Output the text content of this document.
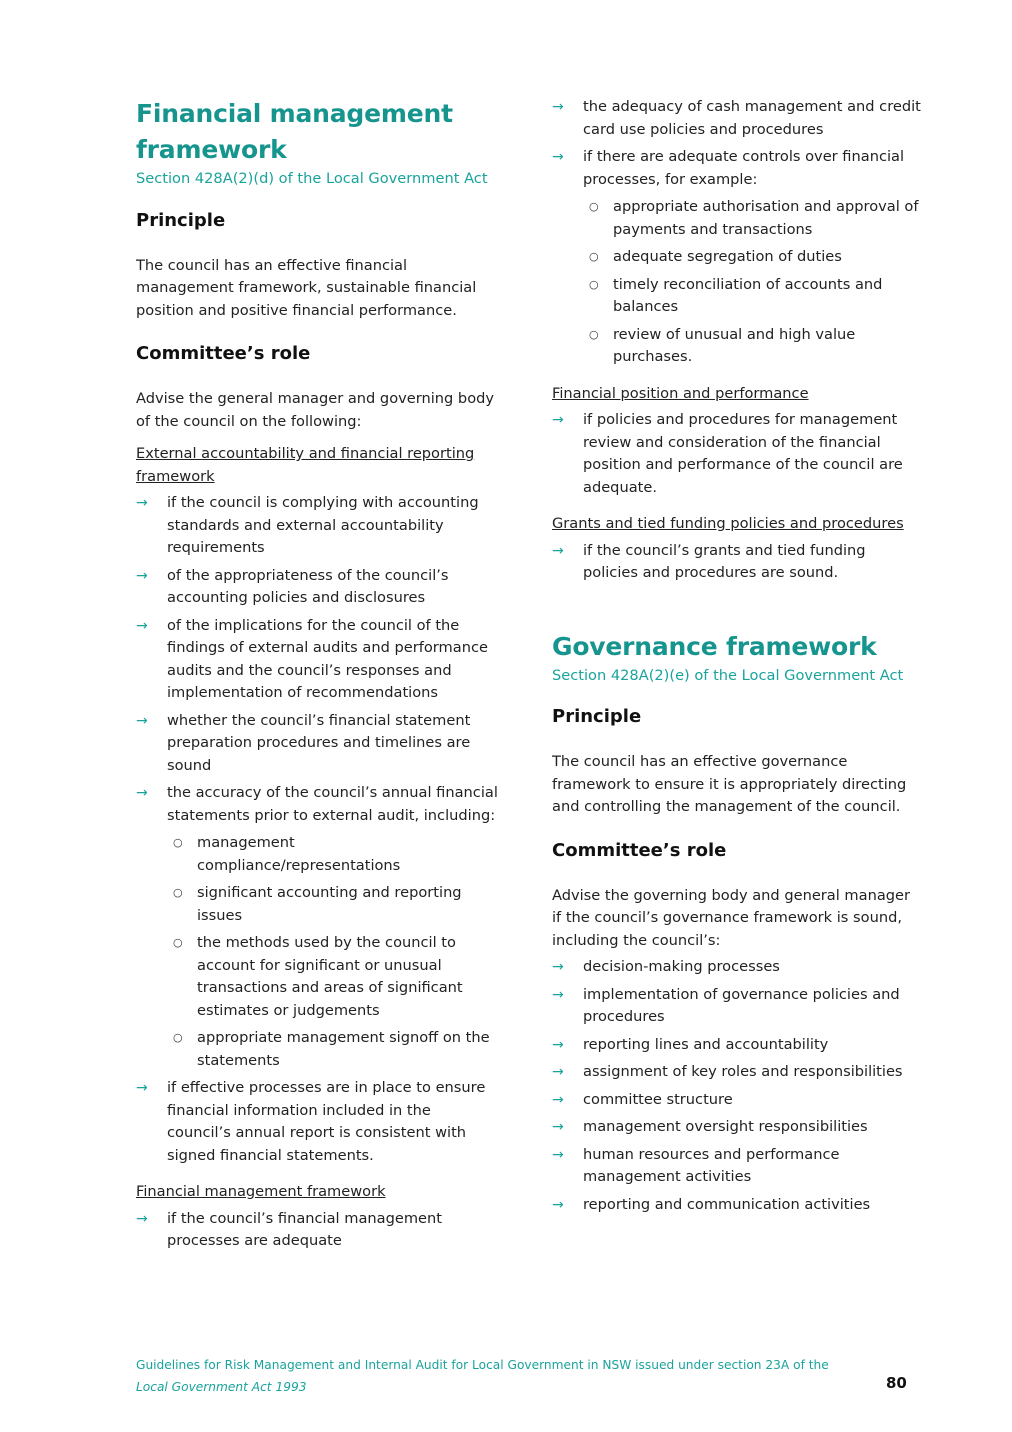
Financial management framework
Section 428A(2)(d) of the Local Government Act
Principle

The council has an effective financial management framework, sustainable financial position and positive financial performance.

Committee’s role

Advise the general manager and governing body of the council on the following:

External accountability and financial reporting framework
→ if the council is complying with accounting standards and external accountability requirements
→ of the appropriateness of the council’s accounting policies and disclosures
→ of the implications for the council of the findings of external audits and performance audits and the council’s responses and implementation of recommendations
→ whether the council’s financial statement preparation procedures and timelines are sound
→ the accuracy of the council’s annual financial statements prior to external audit, including:
○ management compliance/representations
○ significant accounting and reporting issues
○ the methods used by the council to account for significant or unusual transactions and areas of significant estimates or judgements
○ appropriate management signoff on the statements
→ if effective processes are in place to ensure financial information included in the council’s annual report is consistent with signed financial statements.
Financial management framework
→ if the council’s financial management processes are adequate
→ the adequacy of cash management and credit card use policies and procedures
→ if there are adequate controls over financial processes, for example:
○ appropriate authorisation and approval of payments and transactions
○ adequate segregation of duties
○ timely reconciliation of accounts and balances
○ review of unusual and high value purchases.
Financial position and performance
→ if policies and procedures for management review and consideration of the financial position and performance of the council are adequate.
Grants and tied funding policies and procedures
→ if the council’s grants and tied funding policies and procedures are sound.
Governance framework
Section 428A(2)(e) of the Local Government Act
Principle

The council has an effective governance framework to ensure it is appropriately directing and controlling the management of the council.

Committee’s role

Advise the governing body and general manager if the council’s governance framework is sound, including the council’s:

→ decision-making processes
→ implementation of governance policies and procedures
→ reporting lines and accountability
→ assignment of key roles and responsibilities
→ committee structure
→ management oversight responsibilities
→ human resources and performance management activities
→ reporting and communication activities
Guidelines for Risk Management and Internal Audit for Local Government in NSW issued under section 23A of the Local Government Act 1993	80
